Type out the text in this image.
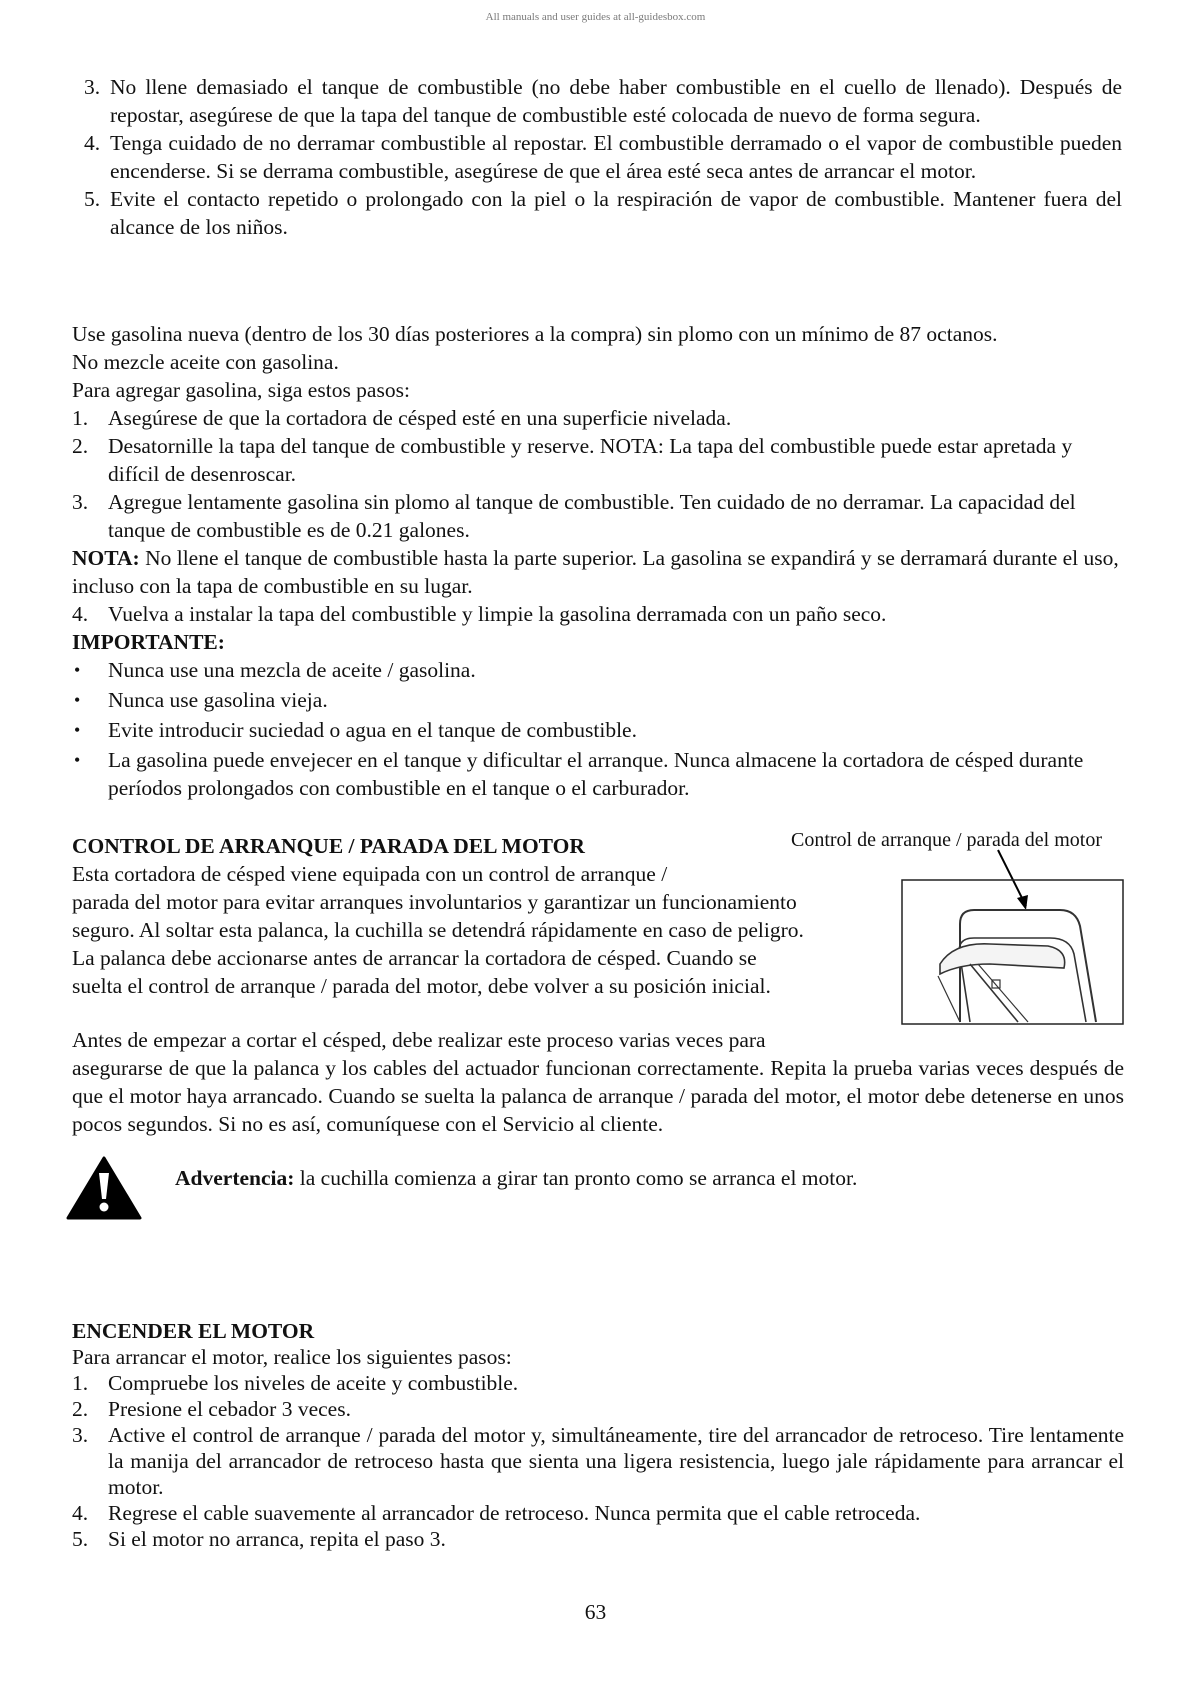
All manuals and user guides at all-guidesbox.com
3. No llene demasiado el tanque de combustible (no debe haber combustible en el cuello de llenado). Después de repostar, asegúrese de que la tapa del tanque de combustible esté colocada de nuevo de forma segura.
4. Tenga cuidado de no derramar combustible al repostar. El combustible derramado o el vapor de combustible pueden encenderse. Si se derrama combustible, asegúrese de que el área esté seca antes de arrancar el motor.
5. Evite el contacto repetido o prolongado con la piel o la respiración de vapor de combustible. Mantener fuera del alcance de los niños.
Use gasolina nueva (dentro de los 30 días posteriores a la compra) sin plomo con un mínimo de 87 octanos.
No mezcle aceite con gasolina.
Para agregar gasolina, siga estos pasos:
1. Asegúrese de que la cortadora de césped esté en una superficie nivelada.
2. Desatornille la tapa del tanque de combustible y reserve. NOTA: La tapa del combustible puede estar apretada y difícil de desenroscar.
3. Agregue lentamente gasolina sin plomo al tanque de combustible. Ten cuidado de no derramar. La capacidad del tanque de combustible es de 0.21 galones.
NOTA: No llene el tanque de combustible hasta la parte superior. La gasolina se expandirá y se derramará durante el uso, incluso con la tapa de combustible en su lugar.
4. Vuelva a instalar la tapa del combustible y limpie la gasolina derramada con un paño seco.
IMPORTANTE:
• Nunca use una mezcla de aceite / gasolina.
• Nunca use gasolina vieja.
• Evite introducir suciedad o agua en el tanque de combustible.
• La gasolina puede envejecer en el tanque y dificultar el arranque. Nunca almacene la cortadora de césped durante períodos prolongados con combustible en el tanque o el carburador.
CONTROL DE ARRANQUE / PARADA DEL MOTOR	Control de arranque / parada del motor
Esta cortadora de césped viene equipada con un control de arranque /
parada del motor para evitar arranques involuntarios y garantizar un funcionamiento
seguro. Al soltar esta palanca, la cuchilla se detendrá rápidamente en caso de peligro.
La palanca debe accionarse antes de arrancar la cortadora de césped. Cuando se
suelta el control de arranque / parada del motor, debe volver a su posición inicial.
Antes de empezar a cortar el césped, debe realizar este proceso varias veces para
asegurarse de que la palanca y los cables del actuador funcionan correctamente. Repita la prueba varias veces después de que el motor haya arrancado. Cuando se suelta la palanca de arranque / parada del motor, el motor debe detenerse en unos pocos segundos. Si no es así, comuníquese con el Servicio al cliente.
Advertencia: la cuchilla comienza a girar tan pronto como se arranca el motor.
ENCENDER EL MOTOR
Para arrancar el motor, realice los siguientes pasos:
1. Compruebe los niveles de aceite y combustible.
2. Presione el cebador 3 veces.
3. Active el control de arranque / parada del motor y, simultáneamente, tire del arrancador de retroceso. Tire lentamente la manija del arrancador de retroceso hasta que sienta una ligera resistencia, luego jale rápidamente para arrancar el motor.
4. Regrese el cable suavemente al arrancador de retroceso. Nunca permita que el cable retroceda.
5. Si el motor no arranca, repita el paso 3.
63
